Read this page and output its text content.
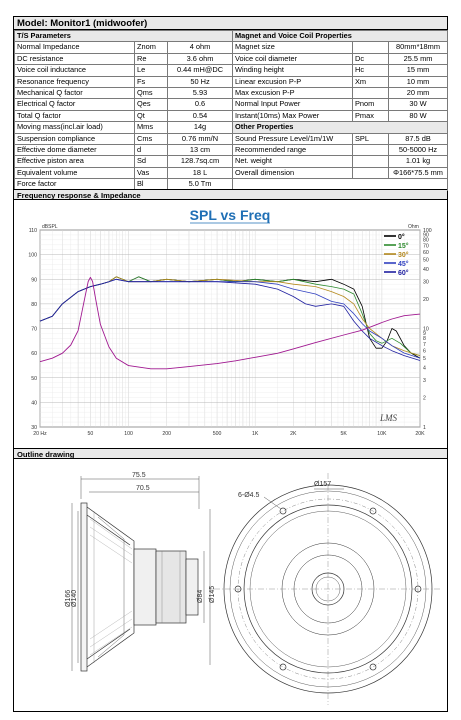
Model: Monitor1 (midwoofer)
T/S Parameters			Magnet and Voice Coil Properties		
Normal Impedance	Znom	4 ohm	Magnet size		80mm*18mm
DC resistance	Re	3.6 ohm	Voice coil diameter	Dc	25.5 mm
Voice coil inductance	Le	0.44 mH@DC	Winding height	Hc	15 mm
Resonance frequency	Fs	50 Hz	Linear excusion P-P	Xm	10 mm
Mechanical Q factor	Qms	5.93	Max excusion P-P		20 mm
Electrical Q factor	Qes	0.6	Normal Input Power	Pnom	30 W
Total Q factor	Qt	0.54	Instant(10ms) Max Power	Pmax	80 W
Moving mass(incl.air load)	Mms	14g	Other Properties		
Suspension compliance	Cms	0.76 mm/N	Sound Pressure Level/1m/1W	SPL	87.5 dB
Effective dome diameter	d	13 cm	Recommended range		50-5000 Hz
Effective piston area	Sd	128.7sq.cm	Net. weight		1.01 kg
Equivalent volume	Vas	18 L	Overall dimension		Φ166*75.5 mm
Force factor	Bl	5.0 Tm			
Frequency response & Impedance
SPL vs Freq
dBSPL	Ohm
30
40
50
60
70
80
90
100
110
1
2
3
4
5
6
7
8
9
10
20
30
40
50
60
70
80
90
100
20 Hz	50	100	200	500	1K	2K	5K	10K	20K
0°
15°
30°
45°
60°
LMS
Outline drawing
75.5
70.5
Ø166 Ø140	Ø84 Ø145
Ø157
6-Ø4.5
